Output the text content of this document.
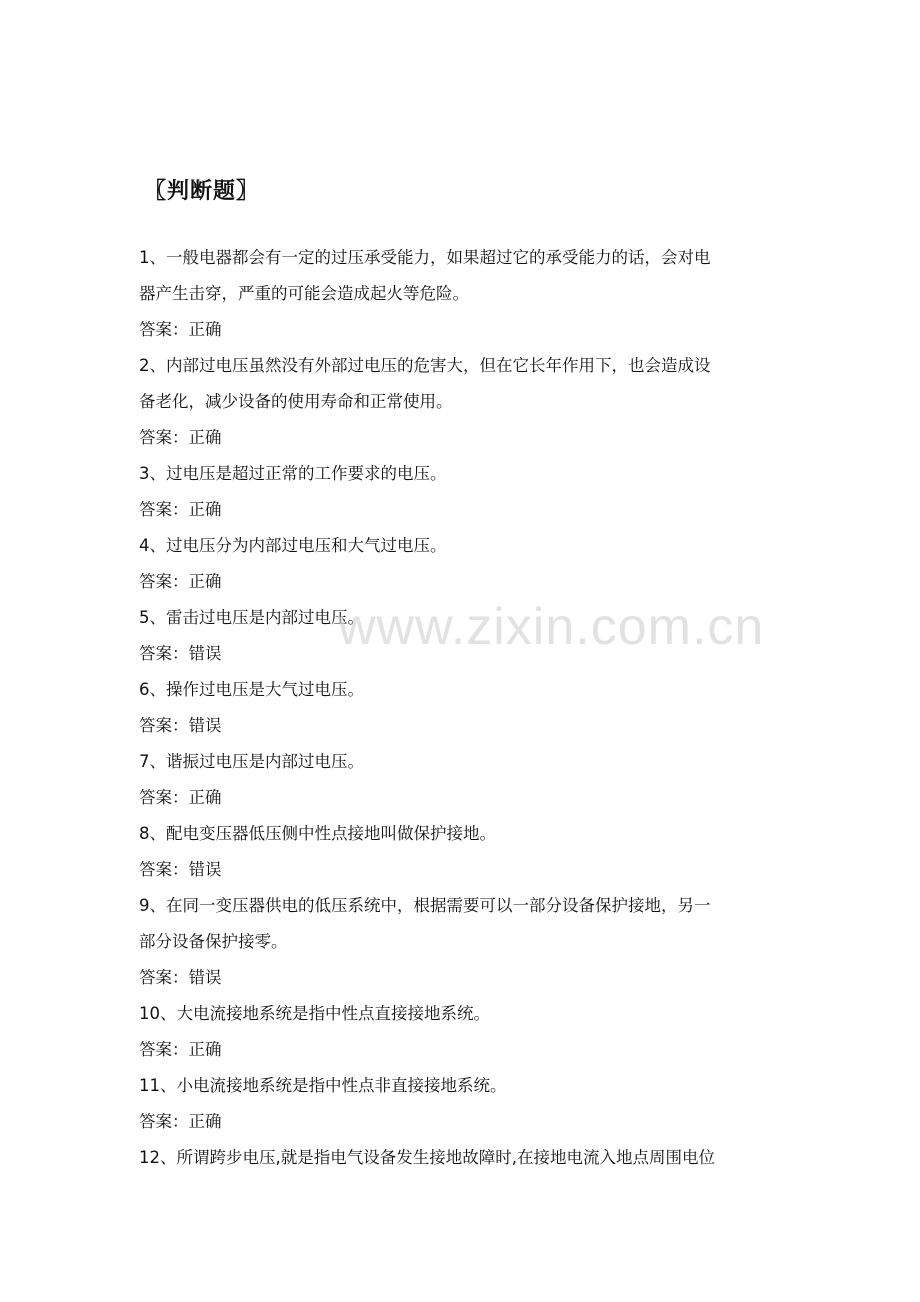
〖判断题〗
1、一般电器都会有一定的过压承受能力，如果超过它的承受能力的话，会对电
器产生击穿，严重的可能会造成起火等危险。
答案：正确
2、内部过电压虽然没有外部过电压的危害大，但在它长年作用下，也会造成设
备老化，减少设备的使用寿命和正常使用。
答案：正确
3、过电压是超过正常的工作要求的电压。
答案：正确
4、过电压分为内部过电压和大气过电压。
答案：正确
5、雷击过电压是内部过电压。
答案：错误
6、操作过电压是大气过电压。
答案：错误
7、谐振过电压是内部过电压。
答案：正确
8、配电变压器低压侧中性点接地叫做保护接地。
答案：错误
9、在同一变压器供电的低压系统中，根据需要可以一部分设备保护接地，另一
部分设备保护接零。
答案：错误
10、大电流接地系统是指中性点直接接地系统。
答案：正确
11、小电流接地系统是指中性点非直接接地系统。
答案：正确
12、所谓跨步电压,就是指电气设备发生接地故障时,在接地电流入地点周围电位
www.zixin.com.cn
